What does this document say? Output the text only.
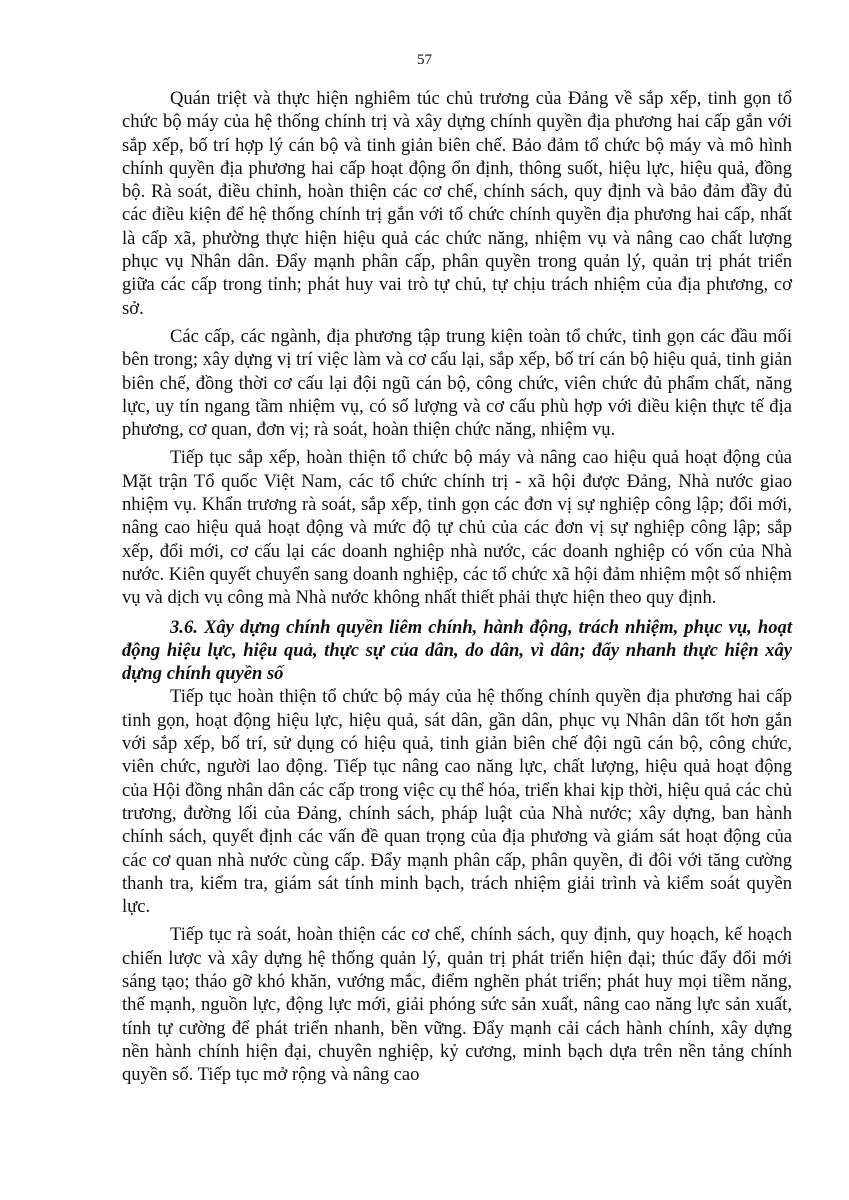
57

Quán triệt và thực hiện nghiêm túc chủ trương của Đảng về sắp xếp, tinh gọn tổ chức bộ máy của hệ thống chính trị và xây dựng chính quyền địa phương hai cấp gắn với sắp xếp, bố trí hợp lý cán bộ và tinh giản biên chế. Bảo đảm tổ chức bộ máy và mô hình chính quyền địa phương hai cấp hoạt động ổn định, thông suốt, hiệu lực, hiệu quả, đồng bộ. Rà soát, điều chỉnh, hoàn thiện các cơ chế, chính sách, quy định và bảo đảm đầy đủ các điều kiện để hệ thống chính trị gắn với tổ chức chính quyền địa phương hai cấp, nhất là cấp xã, phường thực hiện hiệu quả các chức năng, nhiệm vụ và nâng cao chất lượng phục vụ Nhân dân. Đẩy mạnh phân cấp, phân quyền trong quản lý, quản trị phát triển giữa các cấp trong tỉnh; phát huy vai trò tự chủ, tự chịu trách nhiệm của địa phương, cơ sở.

Các cấp, các ngành, địa phương tập trung kiện toàn tổ chức, tinh gọn các đầu mối bên trong; xây dựng vị trí việc làm và cơ cấu lại, sắp xếp, bố trí cán bộ hiệu quả, tinh giản biên chế, đồng thời cơ cấu lại đội ngũ cán bộ, công chức, viên chức đủ phẩm chất, năng lực, uy tín ngang tầm nhiệm vụ, có số lượng và cơ cấu phù hợp với điều kiện thực tế địa phương, cơ quan, đơn vị; rà soát, hoàn thiện chức năng, nhiệm vụ.

Tiếp tục sắp xếp, hoàn thiện tổ chức bộ máy và nâng cao hiệu quả hoạt động của Mặt trận Tổ quốc Việt Nam, các tổ chức chính trị - xã hội được Đảng, Nhà nước giao nhiệm vụ. Khẩn trương rà soát, sắp xếp, tinh gọn các đơn vị sự nghiệp công lập; đổi mới, nâng cao hiệu quả hoạt động và mức độ tự chủ của các đơn vị sự nghiệp công lập; sắp xếp, đổi mới, cơ cấu lại các doanh nghiệp nhà nước, các doanh nghiệp có vốn của Nhà nước. Kiên quyết chuyển sang doanh nghiệp, các tổ chức xã hội đảm nhiệm một số nhiệm vụ và dịch vụ công mà Nhà nước không nhất thiết phải thực hiện theo quy định.

3.6. Xây dựng chính quyền liêm chính, hành động, trách nhiệm, phục vụ, hoạt động hiệu lực, hiệu quả, thực sự của dân, do dân, vì dân; đẩy nhanh thực hiện xây dựng chính quyền số

Tiếp tục hoàn thiện tổ chức bộ máy của hệ thống chính quyền địa phương hai cấp tinh gọn, hoạt động hiệu lực, hiệu quả, sát dân, gần dân, phục vụ Nhân dân tốt hơn gắn với sắp xếp, bố trí, sử dụng có hiệu quả, tinh giản biên chế đội ngũ cán bộ, công chức, viên chức, người lao động. Tiếp tục nâng cao năng lực, chất lượng, hiệu quả hoạt động của Hội đồng nhân dân các cấp trong việc cụ thể hóa, triển khai kịp thời, hiệu quả các chủ trương, đường lối của Đảng, chính sách, pháp luật của Nhà nước; xây dựng, ban hành chính sách, quyết định các vấn đề quan trọng của địa phương và giám sát hoạt động của các cơ quan nhà nước cùng cấp. Đẩy mạnh phân cấp, phân quyền, đi đôi với tăng cường thanh tra, kiểm tra, giám sát tính minh bạch, trách nhiệm giải trình và kiểm soát quyền lực.

Tiếp tục rà soát, hoàn thiện các cơ chế, chính sách, quy định, quy hoạch, kế hoạch chiến lược và xây dựng hệ thống quản lý, quản trị phát triển hiện đại; thúc đẩy đổi mới sáng tạo; tháo gỡ khó khăn, vướng mắc, điểm nghẽn phát triển; phát huy mọi tiềm năng, thế mạnh, nguồn lực, động lực mới, giải phóng sức sản xuất, nâng cao năng lực sản xuất, tính tự cường để phát triển nhanh, bền vững. Đẩy mạnh cải cách hành chính, xây dựng nền hành chính hiện đại, chuyên nghiệp, kỷ cương, minh bạch dựa trên nền tảng chính quyền số. Tiếp tục mở rộng và nâng cao
